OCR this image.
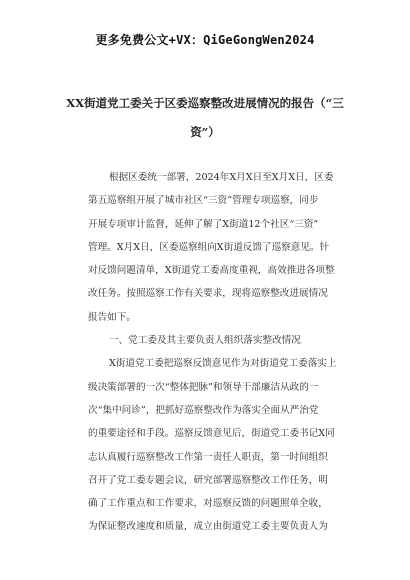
更多免费公文+VX：QiGeGongWen2024
XX街道党工委关于区委巡察整改进展情况的报告（“三
资”）
根据区委统一部署，2024年X月X日至X月X日，区委
第五巡察组开展了城市社区“三资”管理专项巡察，同步
开展专项审计监督，延伸了解了X街道12个社区“三资”
管理。X月X日，区委巡察组向X街道反馈了巡察意见。针
对反馈问题清单，X街道党工委高度重视，高效推进各项整
改任务。按照巡察工作有关要求，现将巡察整改进展情况
报告如下。
一、党工委及其主要负责人组织落实整改情况
X街道党工委把巡察反馈意见作为对街道党工委落实上
级决策部署的一次“整体把脉”和领导干部廉洁从政的一
次“集中问诊”，把抓好巡察整改作为落实全面从严治党
的重要途径和手段。巡察反馈意见后，街道党工委书记X同
志认真履行巡察整改工作第一责任人职责，第一时间组织
召开了党工委专题会议，研究部署巡察整改工作任务，明
确了工作重点和工作要求，对巡察反馈的问题照单全收，
为保证整改速度和质量，成立由街道党工委主要负责人为
